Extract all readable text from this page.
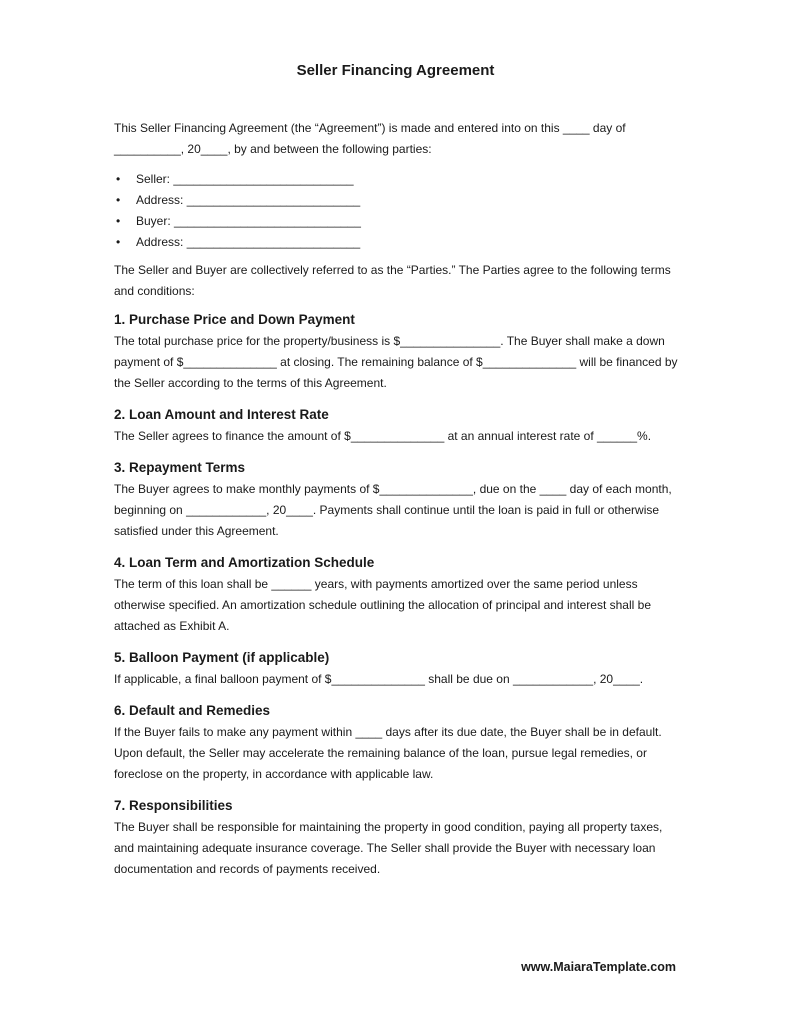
Seller Financing Agreement

This Seller Financing Agreement (the “Agreement”) is made and entered into on this ____ day of __________, 20____, by and between the following parties:

• Seller: ___________________________
• Address: __________________________
• Buyer: ____________________________
• Address: __________________________

The Seller and Buyer are collectively referred to as the “Parties.” The Parties agree to the following terms and conditions:

1. Purchase Price and Down Payment

The total purchase price for the property/business is $_______________. The Buyer shall make a down payment of $______________ at closing. The remaining balance of $______________ will be financed by the Seller according to the terms of this Agreement.

2. Loan Amount and Interest Rate

The Seller agrees to finance the amount of $______________ at an annual interest rate of ______%.

3. Repayment Terms

The Buyer agrees to make monthly payments of $______________, due on the ____ day of each month, beginning on ____________, 20____. Payments shall continue until the loan is paid in full or otherwise satisfied under this Agreement.

4. Loan Term and Amortization Schedule

The term of this loan shall be ______ years, with payments amortized over the same period unless otherwise specified. An amortization schedule outlining the allocation of principal and interest shall be attached as Exhibit A.

5. Balloon Payment (if applicable)

If applicable, a final balloon payment of $______________ shall be due on ____________, 20____.

6. Default and Remedies

If the Buyer fails to make any payment within ____ days after its due date, the Buyer shall be in default. Upon default, the Seller may accelerate the remaining balance of the loan, pursue legal remedies, or foreclose on the property, in accordance with applicable law.

7. Responsibilities

The Buyer shall be responsible for maintaining the property in good condition, paying all property taxes, and maintaining adequate insurance coverage. The Seller shall provide the Buyer with necessary loan documentation and records of payments received.

www.MaiaraTemplate.com
